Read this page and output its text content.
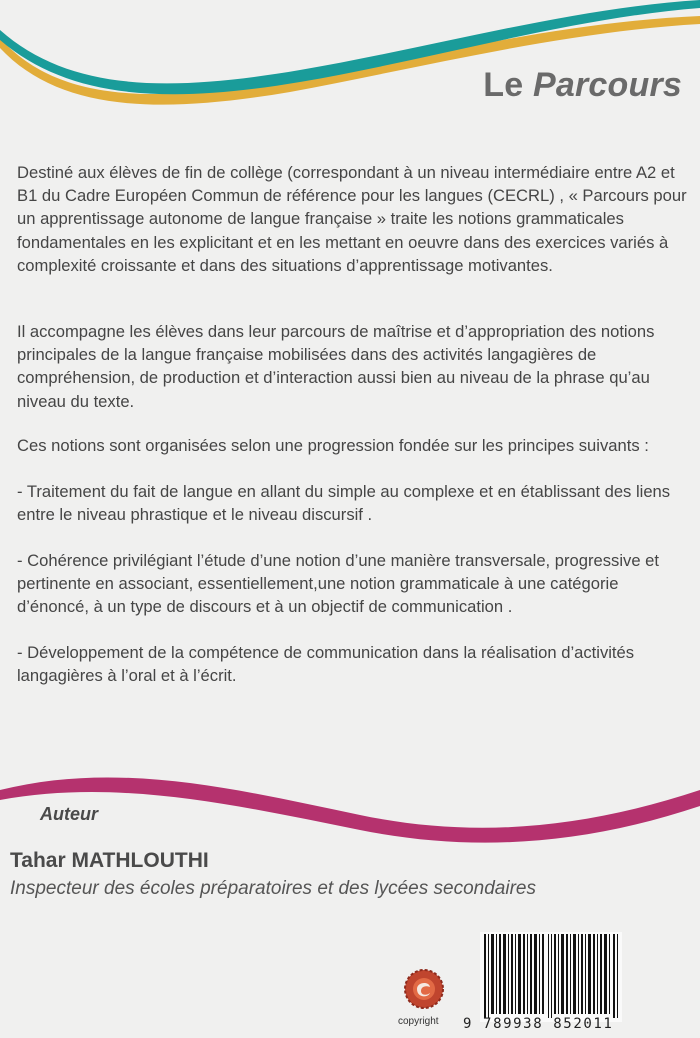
Le Parcours

Destiné aux élèves de fin de collège (correspondant à un niveau intermédiaire entre A2 et B1 du Cadre Européen Commun de référence pour les langues (CECRL) , « Parcours pour un apprentissage autonome de langue française » traite les notions grammaticales fondamentales en les explicitant et en les mettant en oeuvre dans des exercices variés à complexité croissante et dans des situations d’apprentissage motivantes.

Il accompagne les élèves dans leur parcours de maîtrise et d’appropriation des notions principales de la langue française mobilisées dans des activités langagières de compréhension, de production et d’interaction aussi bien au niveau de la phrase qu’au niveau du texte.

Ces notions sont organisées selon une progression fondée sur les principes suivants :

- Traitement du fait de langue en allant du simple au complexe et en établissant des liens entre le niveau phrastique et le niveau discursif .

- Cohérence privilégiant l’étude d’une notion d’une manière transversale, progressive et pertinente en associant, essentiellement,une notion grammaticale à une catégorie d’énoncé, à un type de discours et à un objectif de communication .

- Développement de la compétence de communication dans la réalisation d’activités langagières à l’oral et à l’écrit.

Auteur
Tahar MATHLOUTHI
Inspecteur des écoles préparatoires et des lycées secondaires
copyright 9 789938 852011
